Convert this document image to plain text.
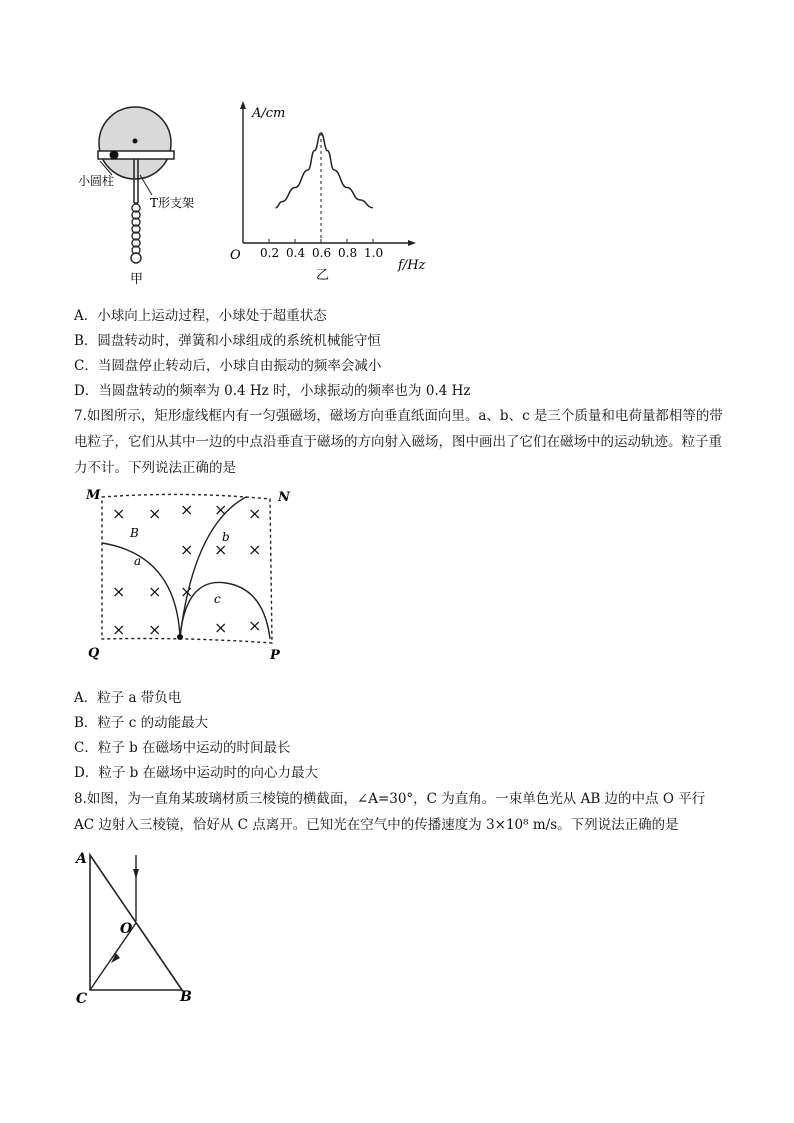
小圆柱
T形支架
甲
A/cm
O
f/Hz
0.2 0.4 0.6 0.8 1.0
乙
A．小球向上运动过程，小球处于超重状态
B．圆盘转动时，弹簧和小球组成的系统机械能守恒
C．当圆盘停止转动后，小球自由振动的频率会减小
D．当圆盘转动的频率为 0.4 Hz 时，小球振动的频率也为 0.4 Hz
7.如图所示，矩形虚线框内有一匀强磁场，磁场方向垂直纸面向里。a、b、c 是三个质量和电荷量都相等的带电粒子，它们从其中一边的中点沿垂直于磁场的方向射入磁场，图中画出了它们在磁场中的运动轨迹。粒子重力不计。下列说法正确的是
× × × × ×
× × ×
× × ×
× ×	× ×
M	N
Q	P
B
a
b
c
A．粒子 a 带负电
B．粒子 c 的动能最大
C．粒子 b 在磁场中运动的时间最长
D．粒子 b 在磁场中运动时的向心力最大
8.如图，为一直角某玻璃材质三棱镜的横截面，∠A=30°，C 为直角。一束单色光从 AB 边的中点 O 平行 AC 边射入三棱镜，恰好从 C 点离开。已知光在空气中的传播速度为 3×10⁸ m/s。下列说法正确的是
A
C	B
O
